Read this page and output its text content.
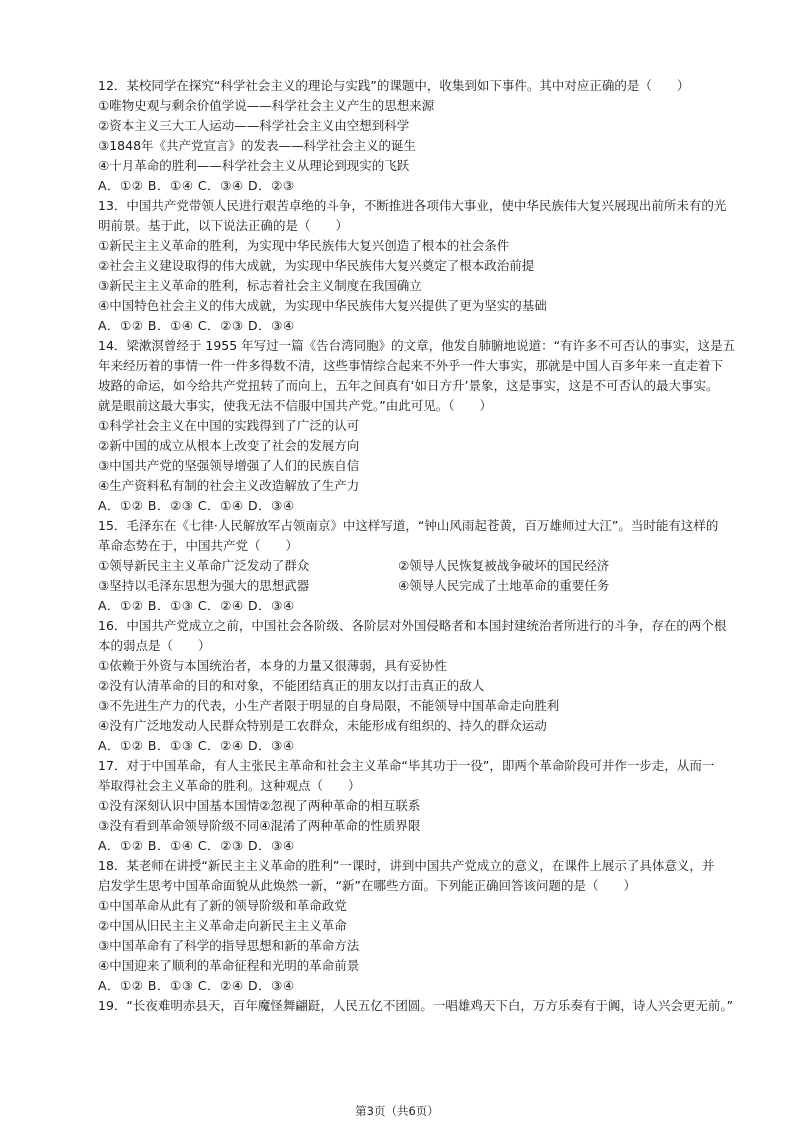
12．某校同学在探究“科学社会主义的理论与实践”的课题中，收集到如下事件。其中对应正确的是（　　）
①唯物史观与剩余价值学说——科学社会主义产生的思想来源
②资本主义三大工人运动——科学社会主义由空想到科学
③1848年《共产党宣言》的发表——科学社会主义的诞生
④十月革命的胜利——科学社会主义从理论到现实的飞跃
A．①② B．①④ C．③④ D．②③
13．中国共产党带领人民进行艰苦卓绝的斗争，不断推进各项伟大事业，使中华民族伟大复兴展现出前所未有的光
明前景。基于此，以下说法正确的是（　　）
①新民主主义革命的胜利，为实现中华民族伟大复兴创造了根本的社会条件
②社会主义建设取得的伟大成就，为实现中华民族伟大复兴奠定了根本政治前提
③新民主主义革命的胜利，标志着社会主义制度在我国确立
④中国特色社会主义的伟大成就，为实现中华民族伟大复兴提供了更为坚实的基础
A．①② B．①④ C．②③ D．③④
14．梁漱溟曾经于 1955 年写过一篇《告台湾同胞》的文章，他发自肺腑地说道：“有许多不可否认的事实，这是五
年来经历着的事情一件一件多得数不清，这些事情综合起来不外乎一件大事实，那就是中国人百多年来一直走着下
坡路的命运，如今给共产党扭转了而向上，五年之间真有‘如日方升’景象，这是事实，这是不可否认的最大事实。
就是眼前这最大事实，使我无法不信服中国共产党。”由此可见。（　　）
①科学社会主义在中国的实践得到了广泛的认可
②新中国的成立从根本上改变了社会的发展方向
③中国共产党的坚强领导增强了人们的民族自信
④生产资料私有制的社会主义改造解放了生产力
A．①② B．②③ C．①④ D．③④
15．毛泽东在《七律·人民解放军占领南京》中这样写道，“钟山风雨起苍黄，百万雄师过大江”。当时能有这样的
革命态势在于，中国共产党（　　）
①领导新民主主义革命广泛发动了群众	②领导人民恢复被战争破坏的国民经济
③坚持以毛泽东思想为强大的思想武器	④领导人民完成了土地革命的重要任务
A．①② B．①③ C．②④ D．③④
16．中国共产党成立之前，中国社会各阶级、各阶层对外国侵略者和本国封建统治者所进行的斗争，存在的两个根
本的弱点是（　　）
①依赖于外资与本国统治者，本身的力量又很薄弱，具有妥协性
②没有认清革命的目的和对象，不能团结真正的朋友以打击真正的敌人
③不先进生产力的代表，小生产者限于明显的自身局限，不能领导中国革命走向胜利
④没有广泛地发动人民群众特别是工农群众，未能形成有组织的、持久的群众运动
A．①② B．①③ C．②④ D．③④
17．对于中国革命，有人主张民主革命和社会主义革命“毕其功于一役”，即两个革命阶段可并作一步走，从而一
举取得社会主义革命的胜利。这种观点（　　）
①没有深刻认识中国基本国情②忽视了两种革命的相互联系
③没有看到革命领导阶级不同④混淆了两种革命的性质界限
A．①② B．①④ C．②③ D．③④
18．某老师在讲授“新民主主义革命的胜利”一课时，讲到中国共产党成立的意义，在课件上展示了具体意义，并
启发学生思考中国革命面貌从此焕然一新，“新”在哪些方面。下列能正确回答该问题的是（　　）
①中国革命从此有了新的领导阶级和革命政党
②中国从旧民主主义革命走向新民主主义革命
③中国革命有了科学的指导思想和新的革命方法
④中国迎来了顺利的革命征程和光明的革命前景
A．①② B．①③ C．②④ D．③④
19．“长夜难明赤县天，百年魔怪舞翩跹，人民五亿不团圆。一唱雄鸡天下白，万方乐奏有于阗，诗人兴会更无前。”
第3页（共6页）
